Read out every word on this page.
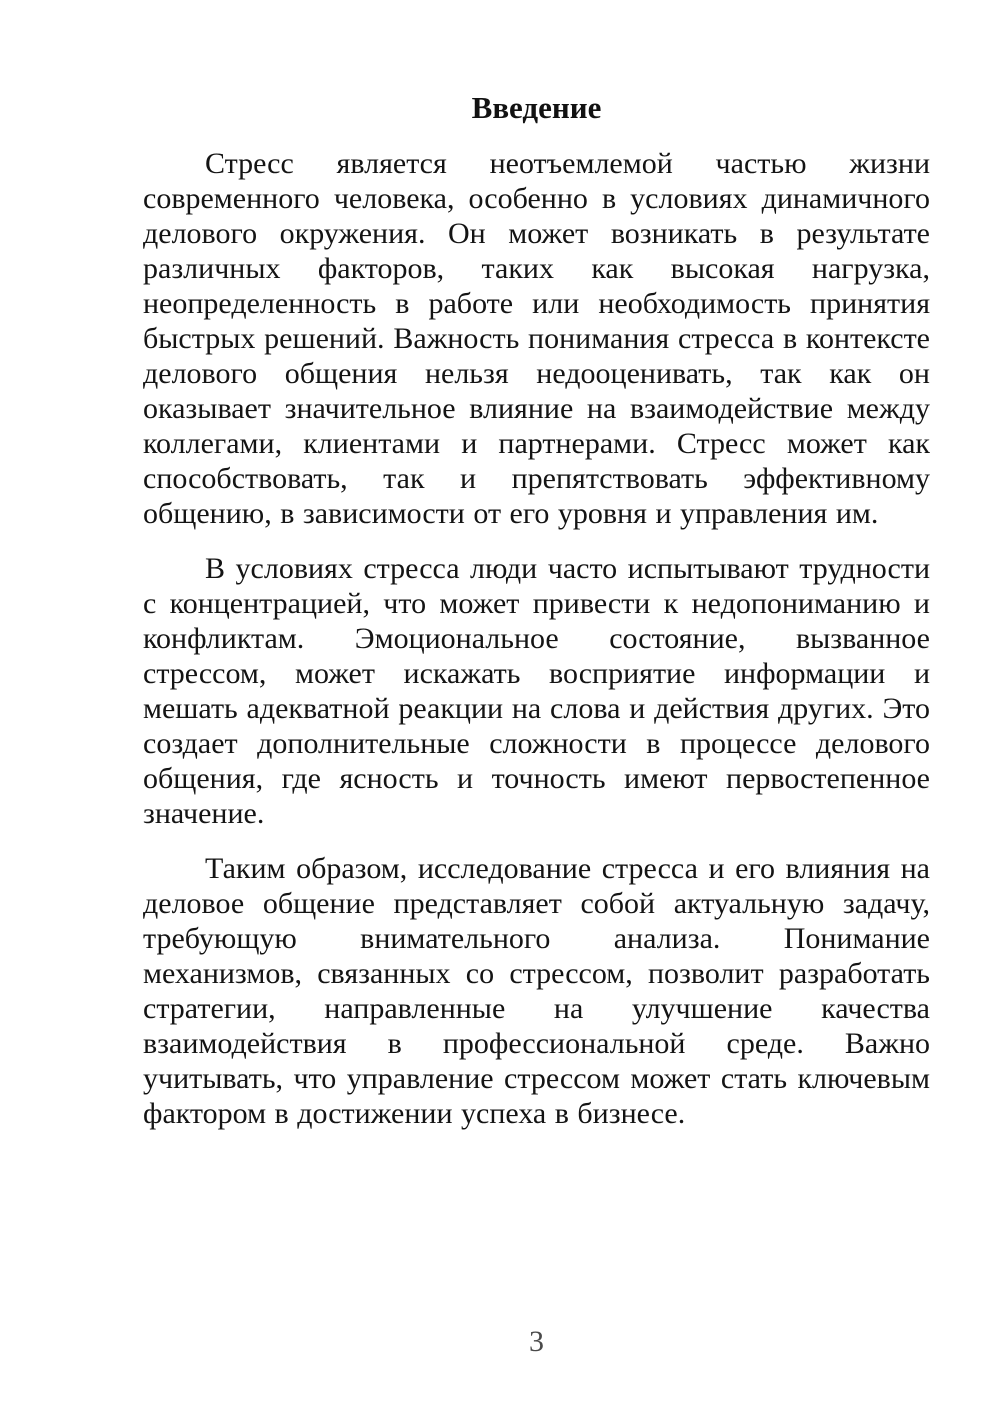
Введение

Стресс является неотъемлемой частью жизни современного человека, особенно в условиях динамичного делового окружения. Он может возникать в результате различных факторов, таких как высокая нагрузка, неопределенность в работе или необходимость принятия быстрых решений. Важность понимания стресса в контексте делового общения нельзя недооценивать, так как он оказывает значительное влияние на взаимодействие между коллегами, клиентами и партнерами. Стресс может как способствовать, так и препятствовать эффективному общению, в зависимости от его уровня и управления им.

В условиях стресса люди часто испытывают трудности с концентрацией, что может привести к недопониманию и конфликтам. Эмоциональное состояние, вызванное стрессом, может искажать восприятие информации и мешать адекватной реакции на слова и действия других. Это создает дополнительные сложности в процессе делового общения, где ясность и точность имеют первостепенное значение.

Таким образом, исследование стресса и его влияния на деловое общение представляет собой актуальную задачу, требующую внимательного анализа. Понимание механизмов, связанных со стрессом, позволит разработать стратегии, направленные на улучшение качества взаимодействия в профессиональной среде. Важно учитывать, что управление стрессом может стать ключевым фактором в достижении успеха в бизнесе.

3
